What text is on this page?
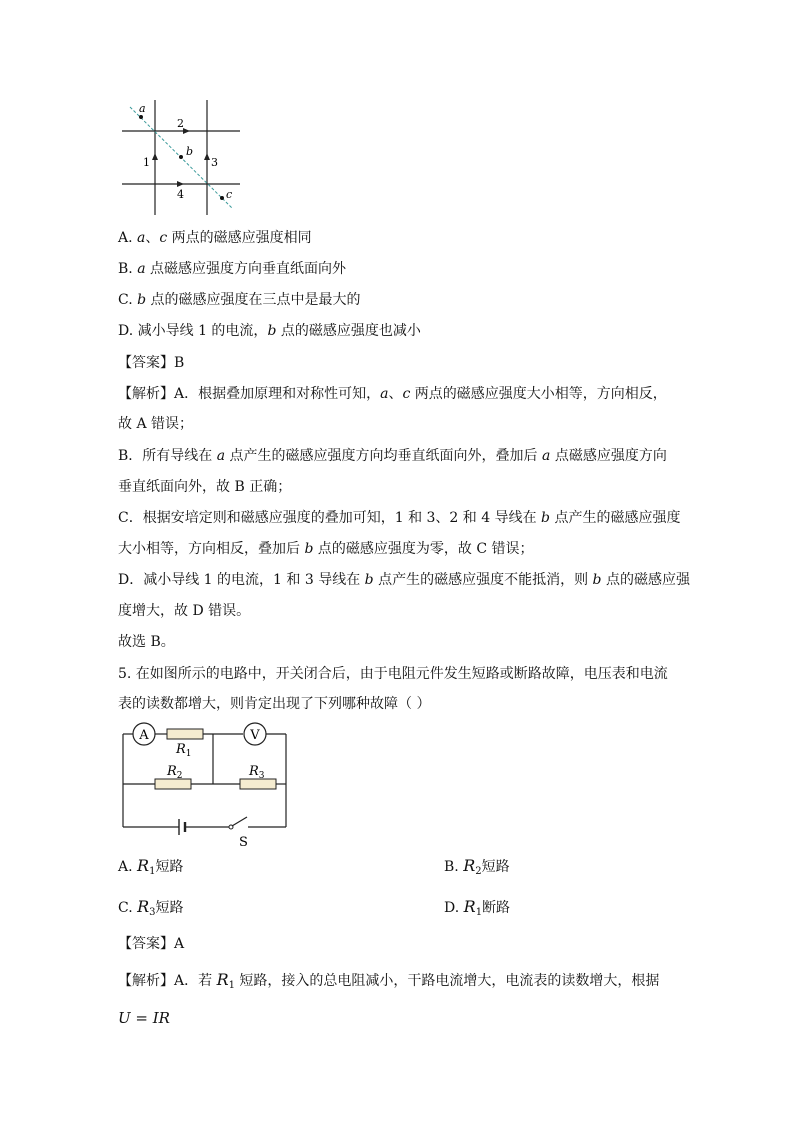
a
b
c
1
2
3
4
A. a、c 两点的磁感应强度相同
B. a 点磁感应强度方向垂直纸面向外
C. b 点的磁感应强度在三点中是最大的
D. 减小导线 1 的电流，b 点的磁感应强度也减小
【答案】B
【解析】A．根据叠加原理和对称性可知，a、c 两点的磁感应强度大小相等，方向相反，
故 A 错误；
B．所有导线在 a 点产生的磁感应强度方向均垂直纸面向外，叠加后 a 点磁感应强度方向
垂直纸面向外，故 B 正确；
C．根据安培定则和磁感应强度的叠加可知，1 和 3、2 和 4 导线在 b 点产生的磁感应强度
大小相等，方向相反，叠加后 b 点的磁感应强度为零，故 C 错误；
D．减小导线 1 的电流，1 和 3 导线在 b 点产生的磁感应强度不能抵消，则 b 点的磁感应强
度增大，故 D 错误。
故选 B。
5. 在如图所示的电路中，开关闭合后，由于电阻元件发生短路或断路故障，电压表和电流
表的读数都增大，则肯定出现了下列哪种故障（ ）
A	V
$R_1$
$R_2$	$R_3$
S
A. $R_1$短路	B. $R_2$短路
C. $R_3$短路	D. $R_1$断路
【答案】A
【解析】A．若 $R_1$ 短路，接入的总电阻减小，干路电流增大，电流表的读数增大，根据
U = IR
